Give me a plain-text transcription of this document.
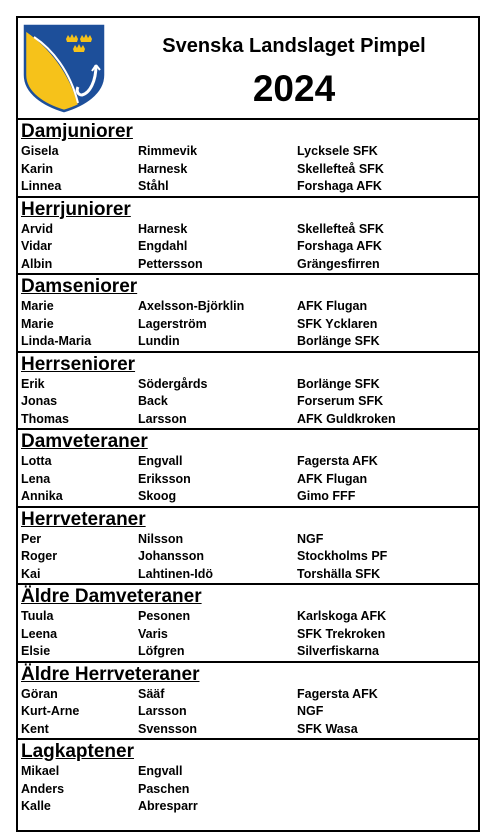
Svenska Landslaget Pimpel
2024
Damjuniorer
Gisela	Rimmevik	Lycksele SFK
Karin	Harnesk	Skellefteå SFK
Linnea	Ståhl	Forshaga AFK
Herrjuniorer
Arvid	Harnesk	Skellefteå SFK
Vidar	Engdahl	Forshaga AFK
Albin	Pettersson	Grängesfirren
Damseniorer
Marie	Axelsson-Björklin	AFK Flugan
Marie	Lagerström	SFK Ycklaren
Linda-Maria	Lundin	Borlänge SFK
Herrseniorer
Erik	Södergårds	Borlänge SFK
Jonas	Back	Forserum SFK
Thomas	Larsson	AFK Guldkroken
Damveteraner
Lotta	Engvall	Fagersta AFK
Lena	Eriksson	AFK Flugan
Annika	Skoog	Gimo FFF
Herrveteraner
Per	Nilsson	NGF
Roger	Johansson	Stockholms PF
Kai	Lahtinen-Idö	Torshälla SFK
Äldre Damveteraner
Tuula	Pesonen	Karlskoga AFK
Leena	Varis	SFK Trekroken
Elsie	Löfgren	Silverfiskarna
Äldre Herrveteraner
Göran	Sääf	Fagersta AFK
Kurt-Arne	Larsson	NGF
Kent	Svensson	SFK Wasa
Lagkaptener
Mikael	Engvall
Anders	Paschen
Kalle	Abresparr
